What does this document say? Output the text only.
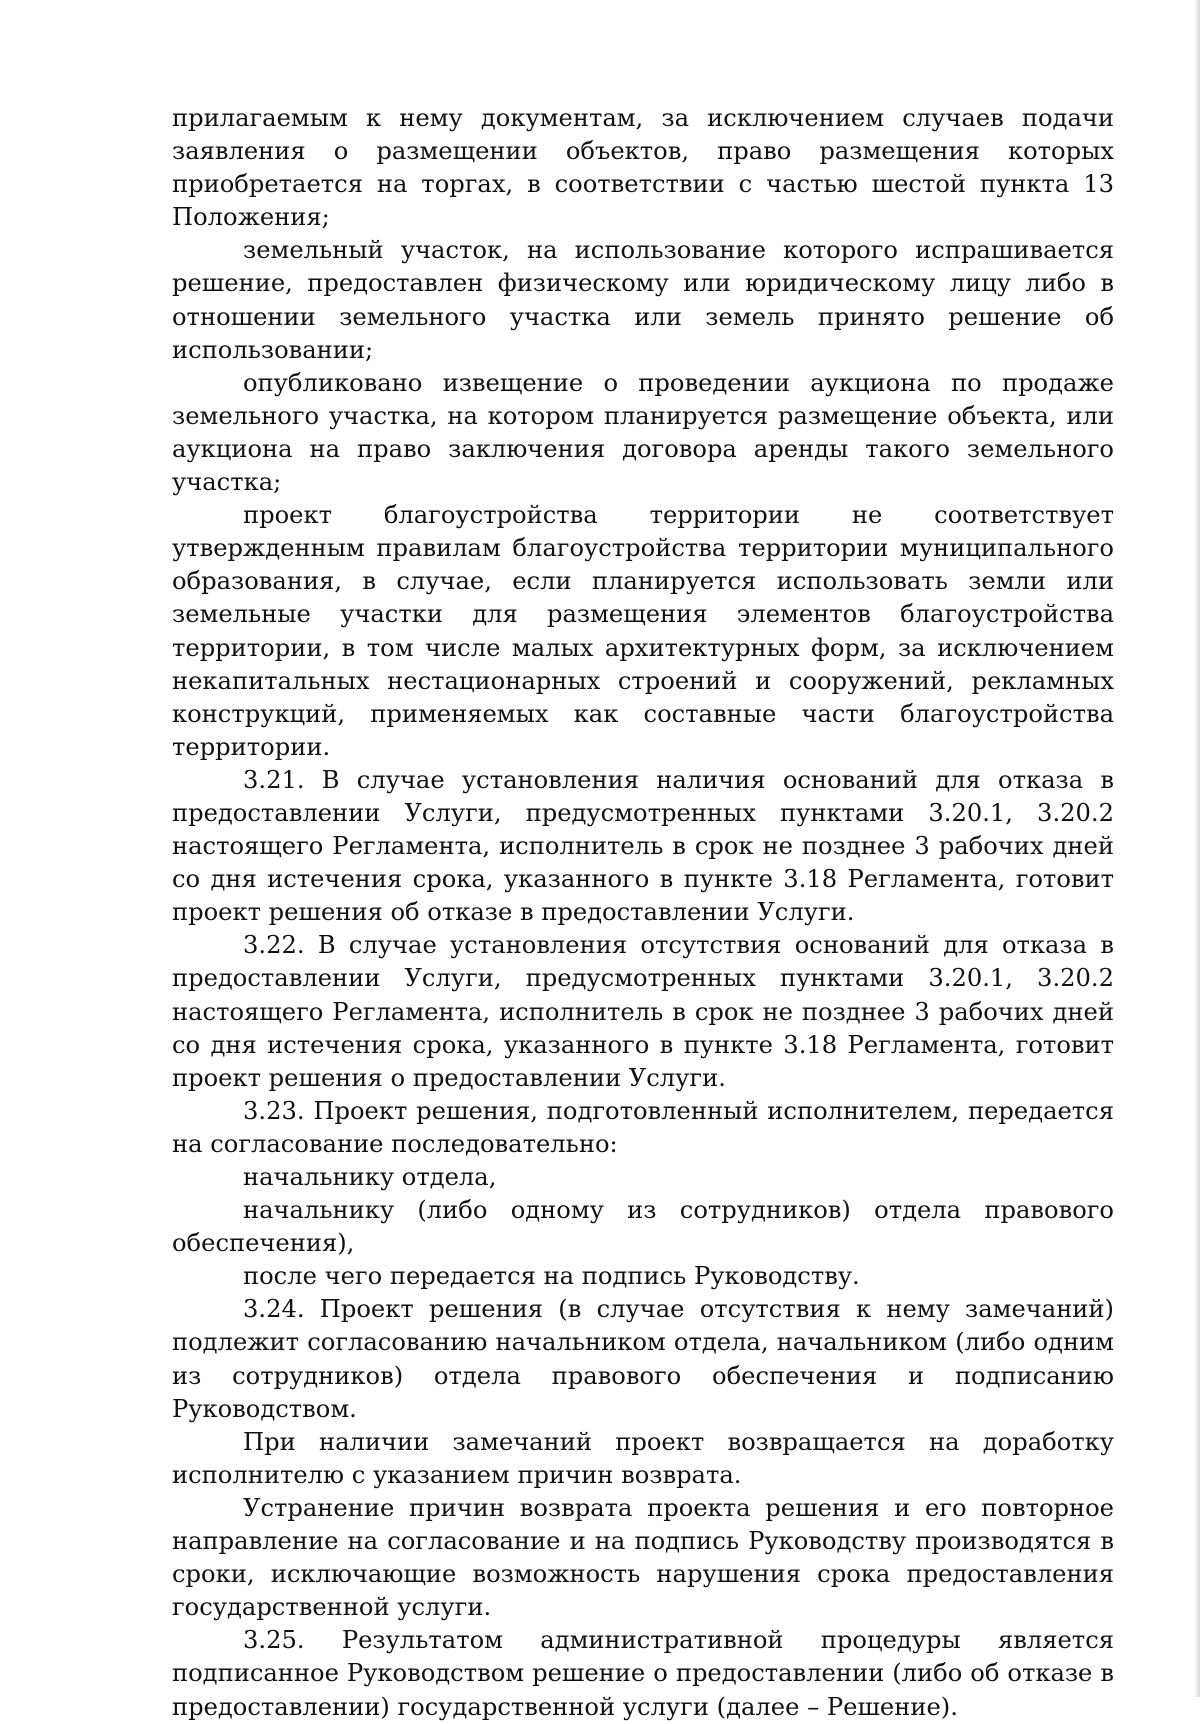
прилагаемым к нему документам, за исключением случаев подачи заявления о размещении объектов, право размещения которых приобретается на торгах, в соответствии с частью шестой пункта 13 Положения;

земельный участок, на использование которого испрашивается решение, предоставлен физическому или юридическому лицу либо в отношении земельного участка или земель принято решение об использовании;

опубликовано извещение о проведении аукциона по продаже земельного участка, на котором планируется размещение объекта, или аукциона на право заключения договора аренды такого земельного участка;

проект благоустройства территории не соответствует утвержденным правилам благоустройства территории муниципального образования, в случае, если планируется использовать земли или земельные участки для размещения элементов благоустройства территории, в том числе малых архитектурных форм, за исключением некапитальных нестационарных строений и сооружений, рекламных конструкций, применяемых как составные части благоустройства территории.

3.21. В случае установления наличия оснований для отказа в предоставлении Услуги, предусмотренных пунктами 3.20.1, 3.20.2 настоящего Регламента, исполнитель в срок не позднее 3 рабочих дней со дня истечения срока, указанного в пункте 3.18 Регламента, готовит проект решения об отказе в предоставлении Услуги.

3.22. В случае установления отсутствия оснований для отказа в предоставлении Услуги, предусмотренных пунктами 3.20.1, 3.20.2 настоящего Регламента, исполнитель в срок не позднее 3 рабочих дней со дня истечения срока, указанного в пункте 3.18 Регламента, готовит проект решения о предоставлении Услуги.

3.23. Проект решения, подготовленный исполнителем, передается на согласование последовательно:

начальнику отдела,

начальнику (либо одному из сотрудников) отдела правового обеспечения),

после чего передается на подпись Руководству.

3.24. Проект решения (в случае отсутствия к нему замечаний) подлежит согласованию начальником отдела, начальником (либо одним из сотрудников) отдела правового обеспечения и подписанию Руководством.

При наличии замечаний проект возвращается на доработку исполнителю с указанием причин возврата.

Устранение причин возврата проекта решения и его повторное направление на согласование и на подпись Руководству производятся в сроки, исключающие возможность нарушения срока предоставления государственной услуги.

3.25. Результатом административной процедуры является подписанное Руководством решение о предоставлении (либо об отказе в предоставлении) государственной услуги (далее – Решение).
